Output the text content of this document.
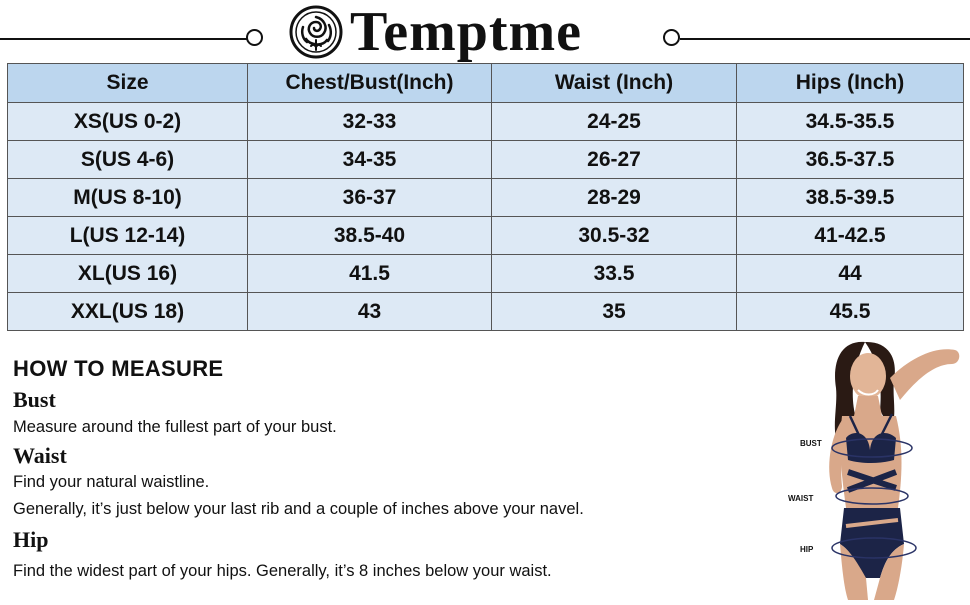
Temptme
Size	Chest/Bust(Inch)	Waist (Inch)	Hips (Inch)
XS(US 0-2)	32-33	24-25	34.5-35.5
S(US 4-6)	34-35	26-27	36.5-37.5
M(US 8-10)	36-37	28-29	38.5-39.5
L(US 12-14)	38.5-40	30.5-32	41-42.5
XL(US 16)	41.5	33.5	44
XXL(US 18)	43	35	45.5
HOW TO MEASURE
Bust
Measure around the fullest part of your bust.
Waist
Find your natural waistline.
Generally, it’s just below your last rib and a couple of inches above your navel.
Hip
Find the widest part of your hips. Generally, it’s 8 inches below your waist.
BUST
WAIST
HIP
